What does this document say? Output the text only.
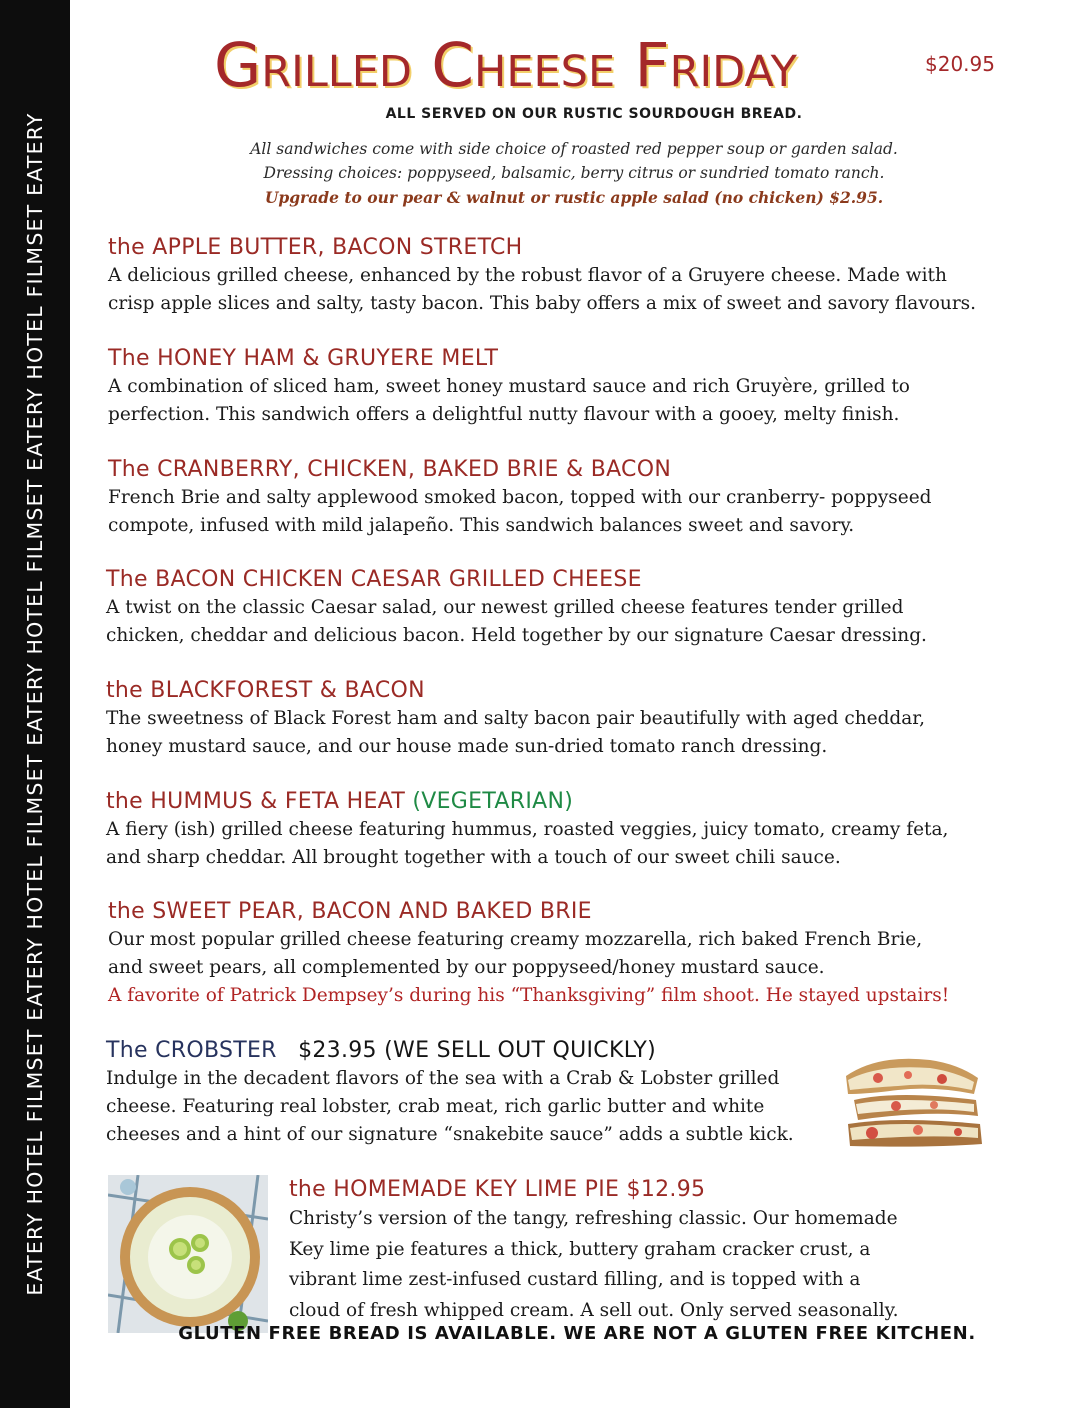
EATERY HOTEL FILMSET EATERY HOTEL FILMSET EATERY HOTEL FILMSET EATERY HOTEL FILMSET EATERY
Grilled Cheese Friday	$20.95
ALL SERVED ON OUR RUSTIC SOURDOUGH BREAD.
All sandwiches come with side choice of roasted red pepper soup or garden salad.
Dressing choices: poppyseed, balsamic, berry citrus or sundried tomato ranch.
Upgrade to our pear & walnut or rustic apple salad (no chicken) $2.95.
the APPLE BUTTER, BACON STRETCH
A delicious grilled cheese, enhanced by the robust flavor of a Gruyere cheese. Made with
crisp apple slices and salty, tasty bacon. This baby offers a mix of sweet and savory flavours.
The HONEY HAM & GRUYERE MELT
A combination of sliced ham, sweet honey mustard sauce and rich Gruyère, grilled to
perfection. This sandwich offers a delightful nutty flavour with a gooey, melty finish.
The CRANBERRY, CHICKEN, BAKED BRIE & BACON
French Brie and salty applewood smoked bacon, topped with our cranberry- poppyseed
compote, infused with mild jalapeño. This sandwich balances sweet and savory.
The BACON CHICKEN CAESAR GRILLED CHEESE
A twist on the classic Caesar salad, our newest grilled cheese features tender grilled
chicken, cheddar and delicious bacon. Held together by our signature Caesar dressing.
the BLACKFOREST & BACON
The sweetness of Black Forest ham and salty bacon pair beautifully with aged cheddar,
honey mustard sauce, and our house made sun-dried tomato ranch dressing.
the HUMMUS & FETA HEAT (VEGETARIAN)
A fiery (ish) grilled cheese featuring hummus, roasted veggies, juicy tomato, creamy feta,
and sharp cheddar. All brought together with a touch of our sweet chili sauce.
the SWEET PEAR, BACON AND BAKED BRIE
Our most popular grilled cheese featuring creamy mozzarella, rich baked French Brie,
and sweet pears, all complemented by our poppyseed/honey mustard sauce.
A favorite of Patrick Dempsey’s during his “Thanksgiving” film shoot. He stayed upstairs!
The CROBSTER $23.95 (WE SELL OUT QUICKLY)
Indulge in the decadent flavors of the sea with a Crab & Lobster grilled
cheese. Featuring real lobster, crab meat, rich garlic butter and white
cheeses and a hint of our signature “snakebite sauce” adds a subtle kick.
the HOMEMADE KEY LIME PIE $12.95
Christy’s version of the tangy, refreshing classic. Our homemade
Key lime pie features a thick, buttery graham cracker crust, a
vibrant lime zest-infused custard filling, and is topped with a
cloud of fresh whipped cream. A sell out. Only served seasonally.
GLUTEN FREE BREAD IS AVAILABLE. WE ARE NOT A GLUTEN FREE KITCHEN.
